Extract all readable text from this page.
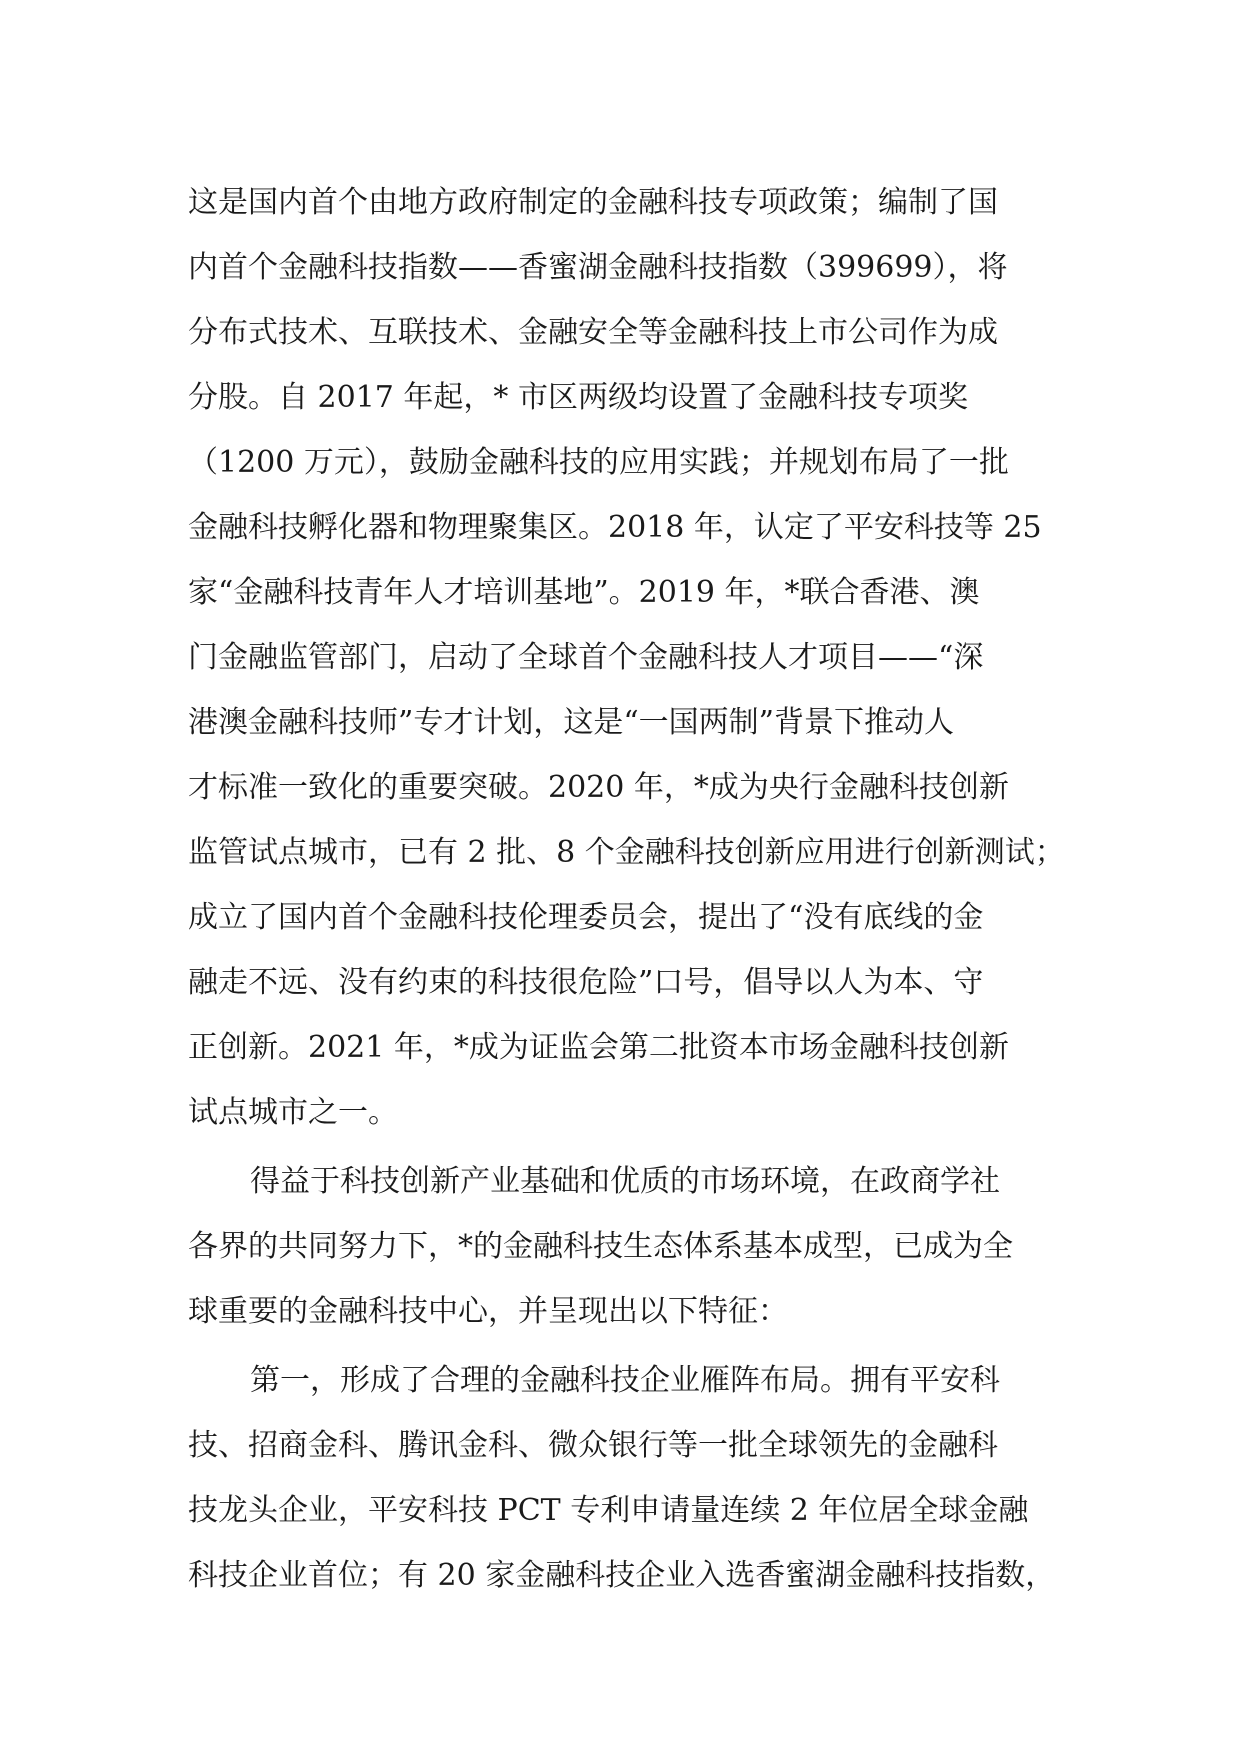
这是国内首个由地方政府制定的金融科技专项政策；编制了国
内首个金融科技指数——香蜜湖金融科技指数（399699），将
分布式技术、互联技术、金融安全等金融科技上市公司作为成
分股。自 2017 年起，* 市区两级均设置了金融科技专项奖
（1200 万元），鼓励金融科技的应用实践；并规划布局了一批
金融科技孵化器和物理聚集区。2018 年，认定了平安科技等 25
家“金融科技青年人才培训基地”。2019 年，*联合香港、澳
门金融监管部门，启动了全球首个金融科技人才项目——“深
港澳金融科技师”专才计划，这是“一国两制”背景下推动人
才标准一致化的重要突破。2020 年，*成为央行金融科技创新
监管试点城市，已有 2 批、8 个金融科技创新应用进行创新测试；
成立了国内首个金融科技伦理委员会，提出了“没有底线的金
融走不远、没有约束的科技很危险”口号，倡导以人为本、守
正创新。2021 年，*成为证监会第二批资本市场金融科技创新
试点城市之一。
得益于科技创新产业基础和优质的市场环境，在政商学社
各界的共同努力下，*的金融科技生态体系基本成型，已成为全
球重要的金融科技中心，并呈现出以下特征：
第一，形成了合理的金融科技企业雁阵布局。拥有平安科
技、招商金科、腾讯金科、微众银行等一批全球领先的金融科
技龙头企业，平安科技 PCT 专利申请量连续 2 年位居全球金融
科技企业首位；有 20 家金融科技企业入选香蜜湖金融科技指数，
